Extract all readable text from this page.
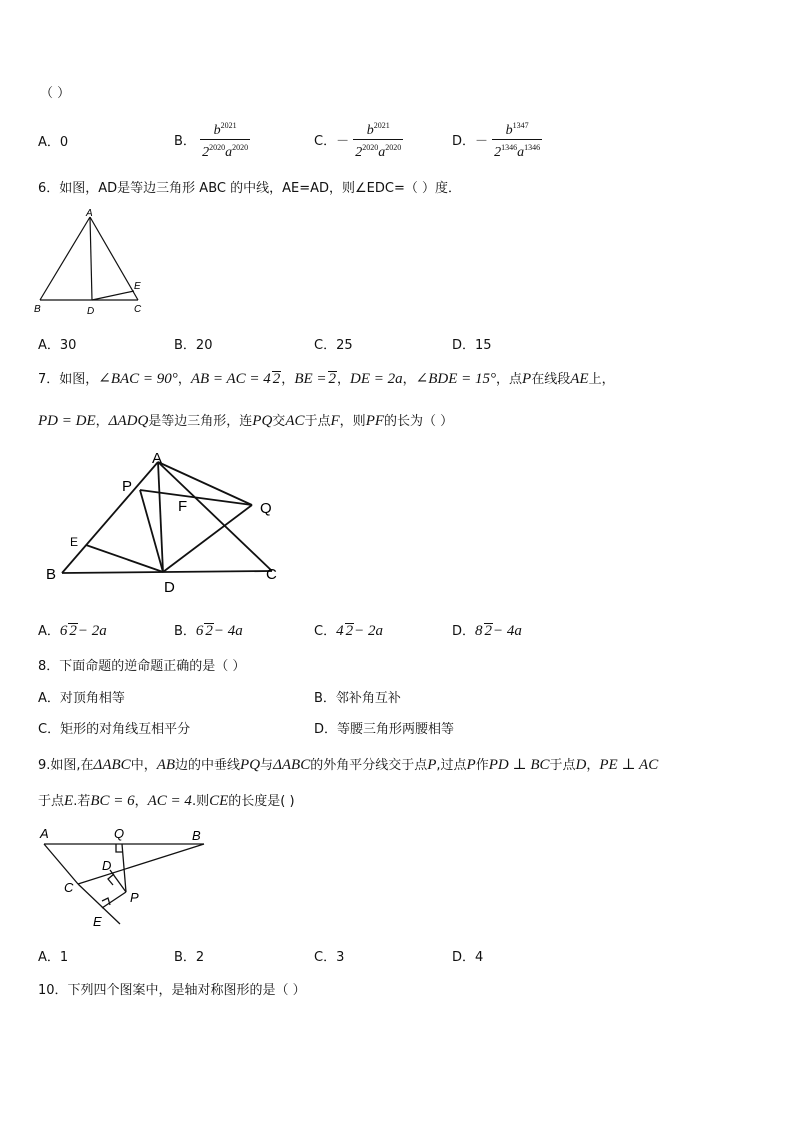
（ ）
A．0	B． $\frac{b^{2021}}{2^{2020}a^{2020}}$	C．－ $\frac{b^{2021}}{2^{2020}a^{2020}}$	D．－ $\frac{b^{1347}}{2^{1346}a^{1346}}$
6．如图，AD是等边三角形 ABC 的中线，AE=AD，则∠EDC=（ ）度．
A
B	C
D
E
A．30	B．20	C．25	D．15
7．如图，∠BAC = 90°，AB = AC = 4 2，BE = 2，DE = 2a，∠BDE = 15°，点P在线段AE上，
PD = DE，ΔADQ是等边三角形，连PQ交AC于点F，则PF的长为（ ）
A
P
F	Q
E
B
D
C
A．6 2− 2a	B．6 2− 4a	C．4 2− 2a	D．8 2− 4a
8．下面命题的逆命题正确的是（ ）
A．对顶角相等	B．邻补角互补
C．矩形的对角线互相平分	D．等腰三角形两腰相等
9.如图,在ΔABC中，AB边的中垂线PQ与ΔABC的外角平分线交于点P,过点P作PD ⊥ BC于点D，PE ⊥ AC
于点E.若BC = 6，AC = 4.则CE的长度是( )
A	Q	B
D
C
P
E
A．1	B．2	C．3	D．4
10．下列四个图案中，是轴对称图形的是（ ）
